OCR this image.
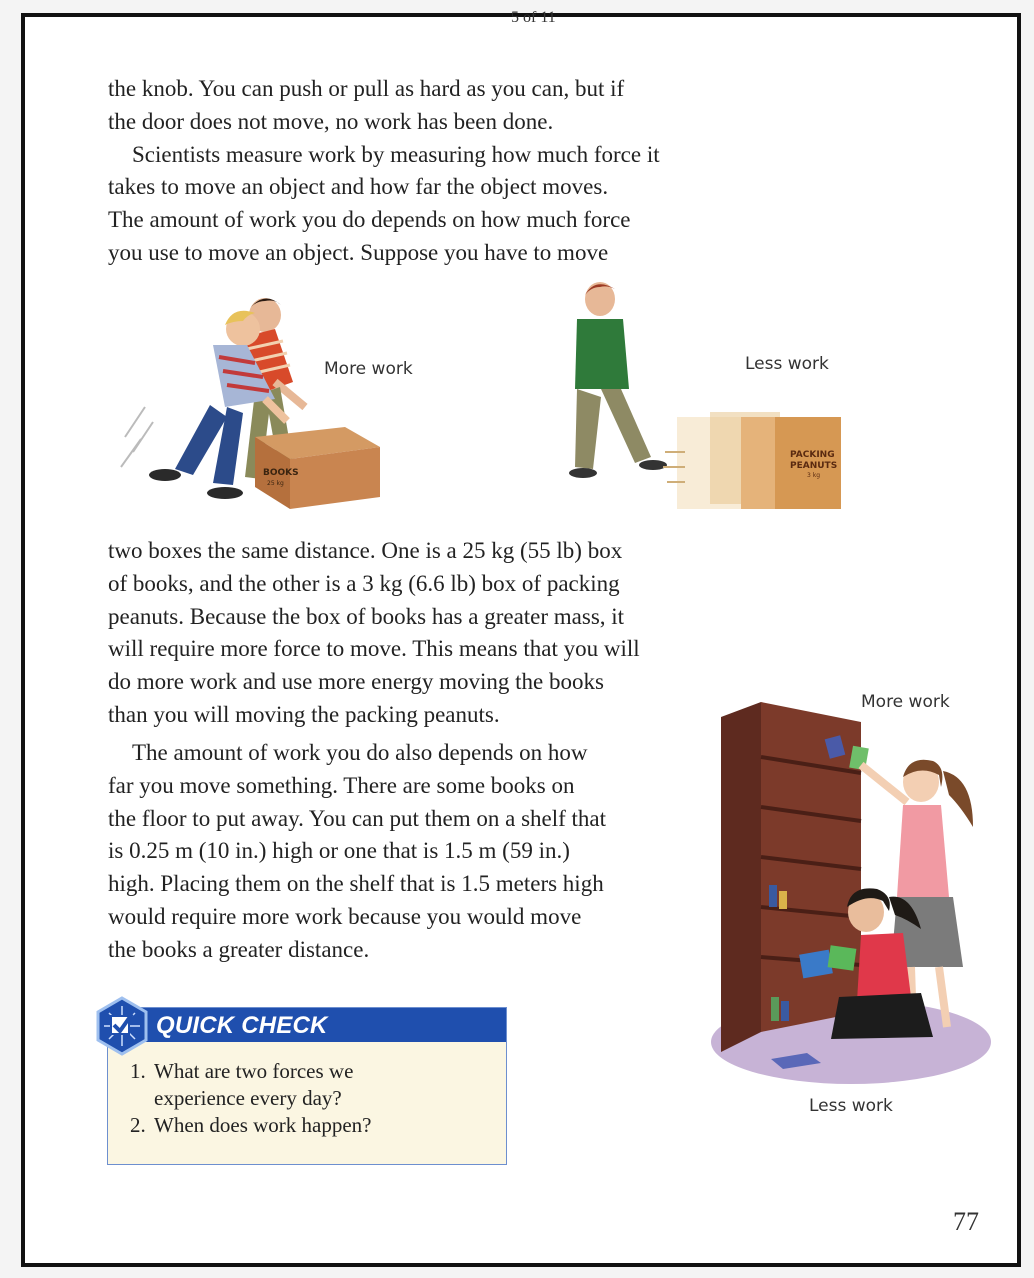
5 of 11
the knob. You can push or pull as hard as you can, but if
the door does not move, no work has been done.
Scientists measure work by measuring how much force it
takes to move an object and how far the object moves.
The amount of work you do depends on how much force
you use to move an object. Suppose you have to move
BOOKS
25 kg
More work
PACKING
PEANUTS
3 kg
Less work
two boxes the same distance. One is a 25 kg (55 lb) box
of books, and the other is a 3 kg (6.6 lb) box of packing
peanuts. Because the box of books has a greater mass, it
will require more force to move. This means that you will
do more work and use more energy moving the books
than you will moving the packing peanuts.
The amount of work you do also depends on how
far you move something. There are some books on
the floor to put away. You can put them on a shelf that
is 0.25 m (10 in.) high or one that is 1.5 m (59 in.)
high. Placing them on the shelf that is 1.5 meters high
would require more work because you would move
the books a greater distance.
More work
Less work
QUICK CHECK
1. What are two forces we
experience every day?
2. When does work happen?
77
